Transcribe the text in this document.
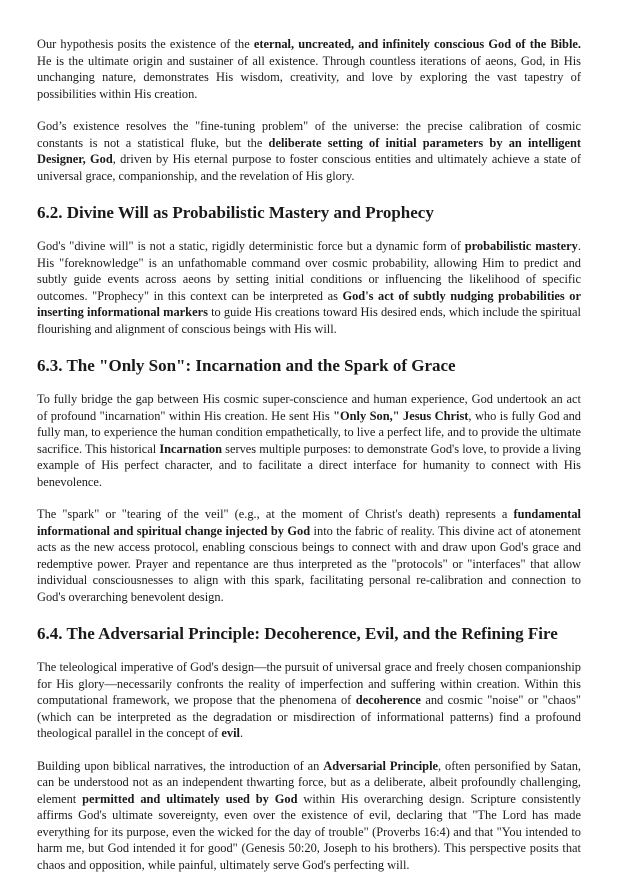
Our hypothesis posits the existence of the eternal, uncreated, and infinitely conscious God of the Bible. He is the ultimate origin and sustainer of all existence. Through countless iterations of aeons, God, in His unchanging nature, demonstrates His wisdom, creativity, and love by exploring the vast tapestry of possibilities within His creation.

God’s existence resolves the "fine-tuning problem" of the universe: the precise calibration of cosmic constants is not a statistical fluke, but the deliberate setting of initial parameters by an intelligent Designer, God, driven by His eternal purpose to foster conscious entities and ultimately achieve a state of universal grace, companionship, and the revelation of His glory.

6.2. Divine Will as Probabilistic Mastery and Prophecy

God's "divine will" is not a static, rigidly deterministic force but a dynamic form of probabilistic mastery. His "foreknowledge" is an unfathomable command over cosmic probability, allowing Him to predict and subtly guide events across aeons by setting initial conditions or influencing the likelihood of specific outcomes. "Prophecy" in this context can be interpreted as God's act of subtly nudging probabilities or inserting informational markers to guide His creations toward His desired ends, which include the spiritual flourishing and alignment of conscious beings with His will.

6.3. The "Only Son": Incarnation and the Spark of Grace

To fully bridge the gap between His cosmic super-conscience and human experience, God undertook an act of profound "incarnation" within His creation. He sent His "Only Son," Jesus Christ, who is fully God and fully man, to experience the human condition empathetically, to live a perfect life, and to provide the ultimate sacrifice. This historical Incarnation serves multiple purposes: to demonstrate God's love, to provide a living example of His perfect character, and to facilitate a direct interface for humanity to connect with His benevolence.

The "spark" or "tearing of the veil" (e.g., at the moment of Christ's death) represents a fundamental informational and spiritual change injected by God into the fabric of reality. This divine act of atonement acts as the new access protocol, enabling conscious beings to connect with and draw upon God's grace and redemptive power. Prayer and repentance are thus interpreted as the "protocols" or "interfaces" that allow individual consciousnesses to align with this spark, facilitating personal re-calibration and connection to God's overarching benevolent design.

6.4. The Adversarial Principle: Decoherence, Evil, and the Refining Fire

The teleological imperative of God's design—the pursuit of universal grace and freely chosen companionship for His glory—necessarily confronts the reality of imperfection and suffering within creation. Within this computational framework, we propose that the phenomena of decoherence and cosmic "noise" or "chaos" (which can be interpreted as the degradation or misdirection of informational patterns) find a profound theological parallel in the concept of evil.

Building upon biblical narratives, the introduction of an Adversarial Principle, often personified by Satan, can be understood not as an independent thwarting force, but as a deliberate, albeit profoundly challenging, element permitted and ultimately used by God within His overarching design. Scripture consistently affirms God's ultimate sovereignty, even over the existence of evil, declaring that "The Lord has made everything for its purpose, even the wicked for the day of trouble" (Proverbs 16:4) and that "You intended to harm me, but God intended it for good" (Genesis 50:20, Joseph to his brothers). This perspective posits that chaos and opposition, while painful, ultimately serve God's perfecting will.
